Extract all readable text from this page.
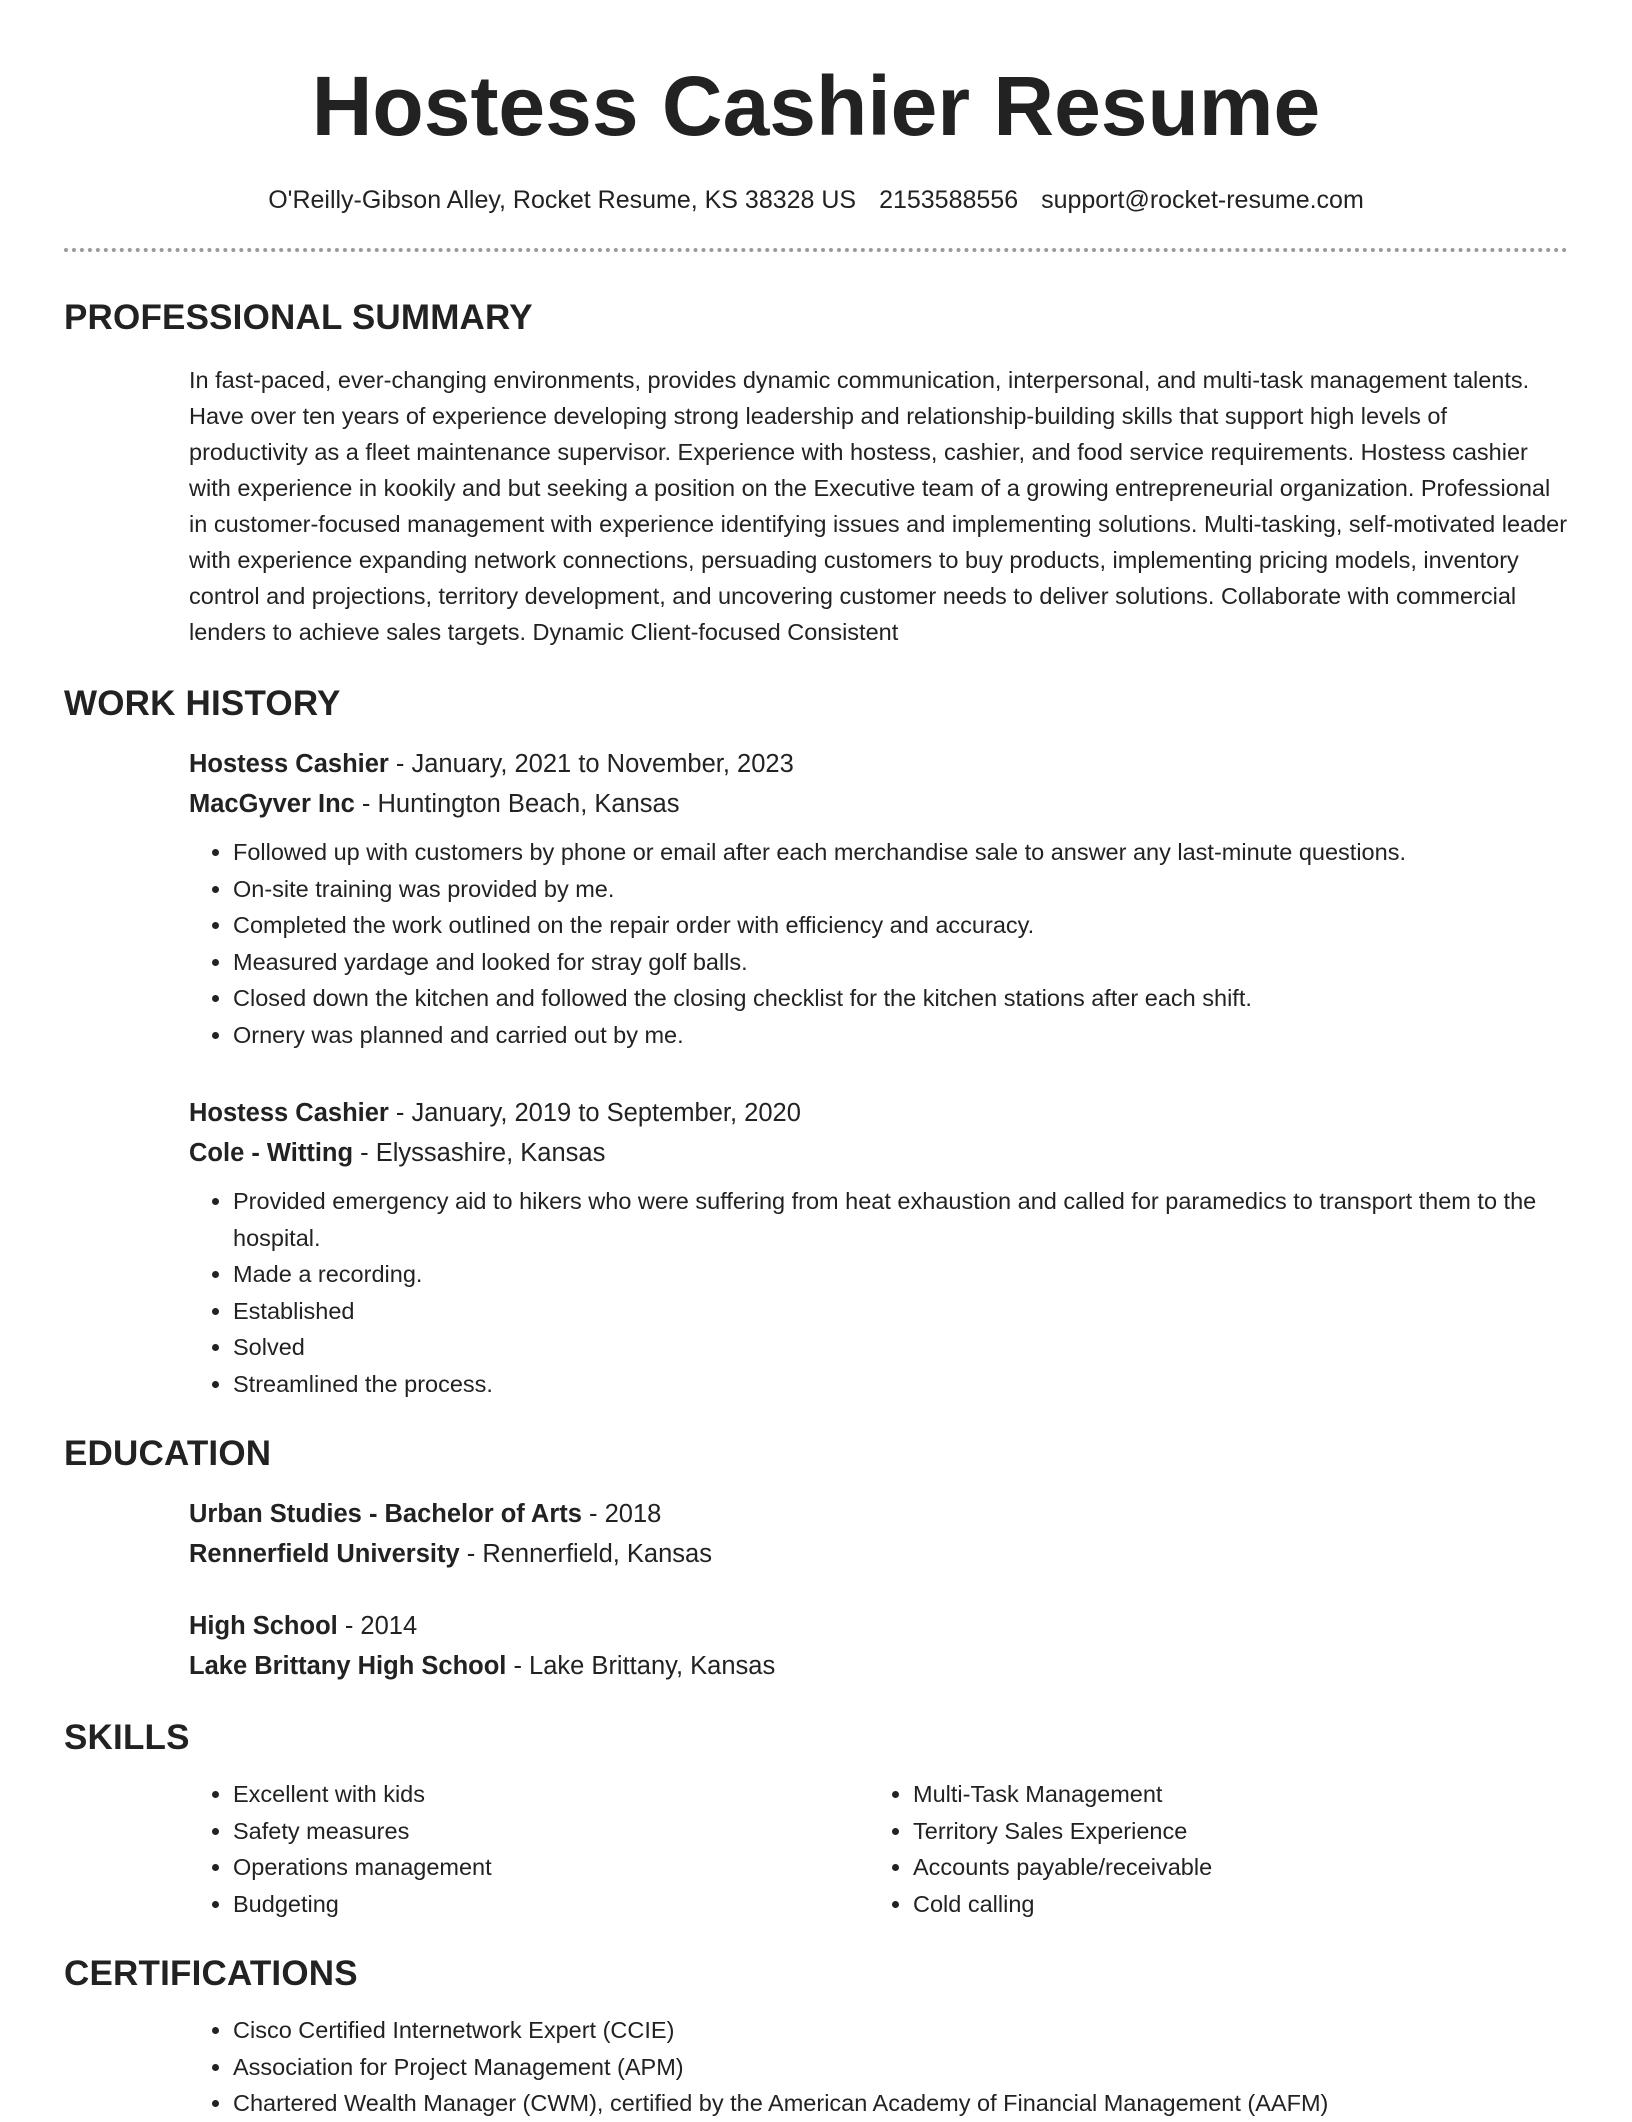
Hostess Cashier Resume
O'Reilly-Gibson Alley, Rocket Resume, KS 38328 US 2153588556 support@rocket-resume.com
PROFESSIONAL SUMMARY
In fast-paced, ever-changing environments, provides dynamic communication, interpersonal, and multi-task management talents. Have over ten years of experience developing strong leadership and relationship-building skills that support high levels of productivity as a fleet maintenance supervisor. Experience with hostess, cashier, and food service requirements. Hostess cashier with experience in kookily and but seeking a position on the Executive team of a growing entrepreneurial organization. Professional in customer-focused management with experience identifying issues and implementing solutions. Multi-tasking, self-motivated leader with experience expanding network connections, persuading customers to buy products, implementing pricing models, inventory control and projections, territory development, and uncovering customer needs to deliver solutions. Collaborate with commercial lenders to achieve sales targets. Dynamic Client-focused Consistent
WORK HISTORY
Hostess Cashier - January, 2021 to November, 2023
MacGyver Inc - Huntington Beach, Kansas
• Followed up with customers by phone or email after each merchandise sale to answer any last-minute questions.
• On-site training was provided by me.
• Completed the work outlined on the repair order with efficiency and accuracy.
• Measured yardage and looked for stray golf balls.
• Closed down the kitchen and followed the closing checklist for the kitchen stations after each shift.
• Ornery was planned and carried out by me.
Hostess Cashier - January, 2019 to September, 2020
Cole - Witting - Elyssashire, Kansas
• Provided emergency aid to hikers who were suffering from heat exhaustion and called for paramedics to transport them to the hospital.
• Made a recording.
• Established
• Solved
• Streamlined the process.
EDUCATION
Urban Studies - Bachelor of Arts - 2018
Rennerfield University - Rennerfield, Kansas
High School - 2014
Lake Brittany High School - Lake Brittany, Kansas
SKILLS
• Excellent with kids
• Safety measures
• Operations management
• Budgeting
• Multi-Task Management
• Territory Sales Experience
• Accounts payable/receivable
• Cold calling
CERTIFICATIONS
• Cisco Certified Internetwork Expert (CCIE)
• Association for Project Management (APM)
• Chartered Wealth Manager (CWM), certified by the American Academy of Financial Management (AAFM)
